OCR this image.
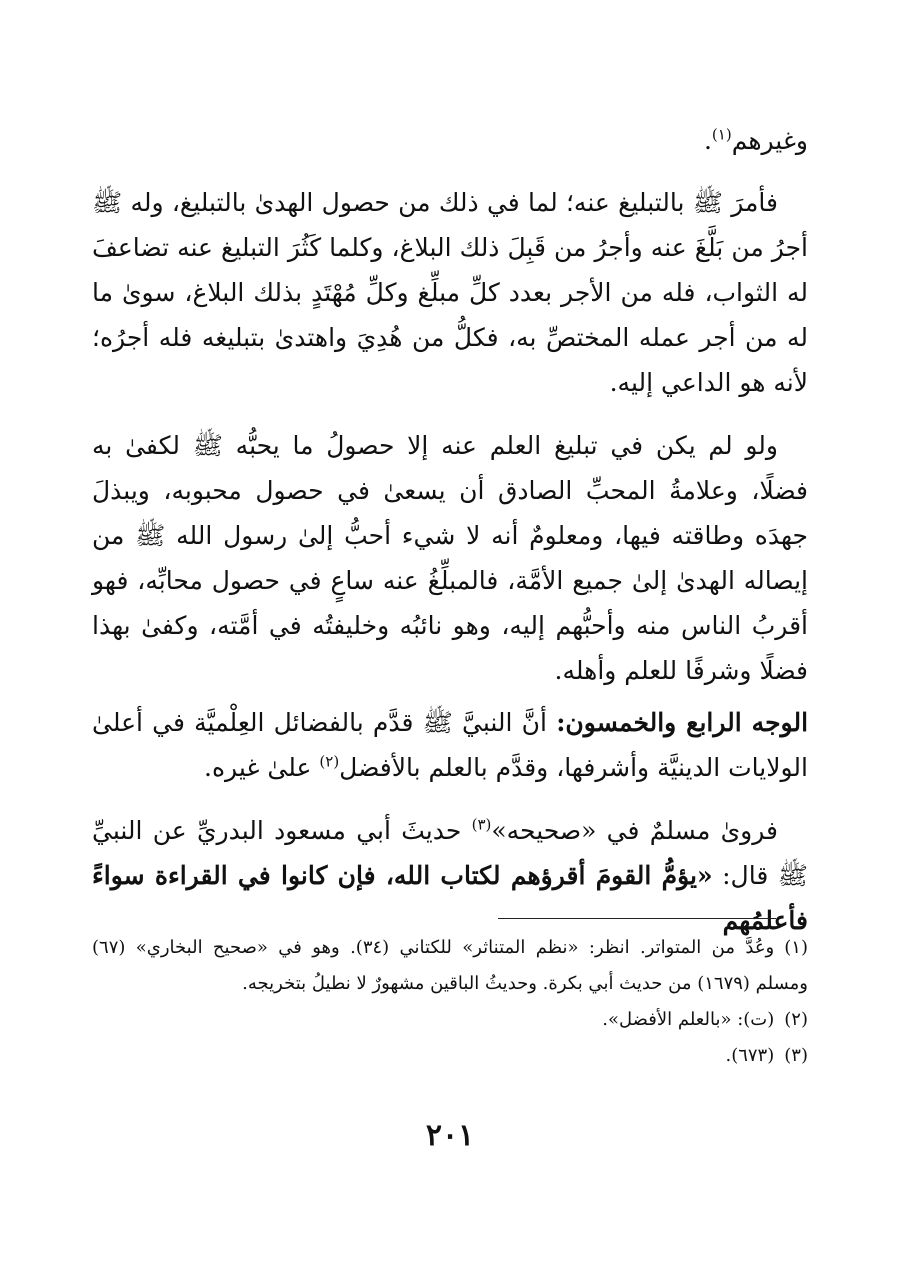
وغيرهم$^{(١)}$.

فأمرَ ﷺ بالتبليغ عنه؛ لما في ذلك من حصول الهدىٰ بالتبليغ، وله ﷺ أجرُ من بَلَّغَ عنه وأجرُ من قَبِلَ ذلك البلاغ، وكلما كَثُرَ التبليغ عنه تضاعفَ له الثواب، فله من الأجر بعدد كلِّ مبلِّغ وكلِّ مُهْتَدٍ بذلك البلاغ، سوىٰ ما له من أجر عمله المختصِّ به، فكلُّ من هُدِيَ واهتدىٰ بتبليغه فله أجرُه؛ لأنه هو الداعي إليه.

ولو لم يكن في تبليغ العلم عنه إلا حصولُ ما يحبُّه ﷺ لكفىٰ به فضلًا، وعلامةُ المحبِّ الصادق أن يسعىٰ في حصول محبوبه، ويبذلَ جهدَه وطاقته فيها، ومعلومٌ أنه لا شيء أحبُّ إلىٰ رسول الله ﷺ من إيصاله الهدىٰ إلىٰ جميع الأمَّة، فالمبلِّغُ عنه ساعٍ في حصول محابِّه، فهو أقربُ الناس منه وأحبُّهم إليه، وهو نائبُه وخليفتُه في أمَّته، وكفىٰ بهذا فضلًا وشرفًا للعلم وأهله.

الوجه الرابع والخمسون: أنَّ النبيَّ ﷺ قدَّم بالفضائل العِلْميَّة في أعلىٰ الولايات الدينيَّة وأشرفها، وقدَّم بالعلم بالأفضل$^{(٢)}$ علىٰ غيره.

فروىٰ مسلمٌ في «صحيحه»$^{(٣)}$ حديثَ أبي مسعود البدريِّ عن النبيِّ ﷺ قال: «يؤمُّ القومَ أقرؤهم لكتاب الله، فإن كانوا في القراءة سواءً فأعلمُهم

(١)وعُدَّ من المتواتر. انظر: «نظم المتناثر» للكتاني (٣٤). وهو في «صحيح البخاري» (٦٧) ومسلم (١٦٧٩) من حديث أبي بكرة. وحديثُ الباقين مشهورٌ لا نطيلُ بتخريجه.

(٢)(ت): «بالعلم الأفضل».

(٣)(٦٧٣).

٢٠١
